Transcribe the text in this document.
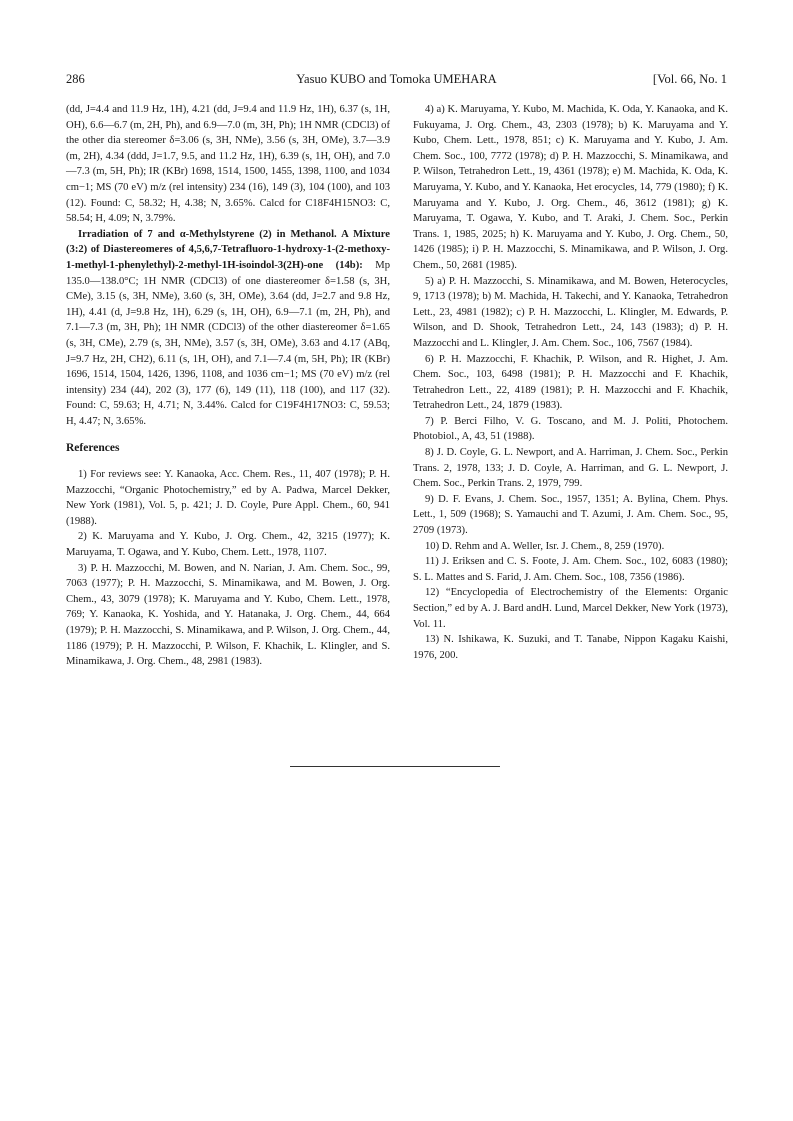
286	Yasuo KUBO and Tomoka UMEHARA	[Vol. 66, No. 1

(dd, J=4.4 and 11.9 Hz, 1H), 4.21 (dd, J=9.4 and 11.9 Hz, 1H), 6.37 (s, 1H, OH), 6.6—6.7 (m, 2H, Ph), and 6.9—7.0 (m, 3H, Ph); 1H NMR (CDCl3) of the other dia stereomer δ=3.06 (s, 3H, NMe), 3.56 (s, 3H, OMe), 3.7—3.9 (m, 2H), 4.34 (ddd, J=1.7, 9.5, and 11.2 Hz, 1H), 6.39 (s, 1H, OH), and 7.0—7.3 (m, 5H, Ph); IR (KBr) 1698, 1514, 1500, 1455, 1398, 1100, and 1034 cm−1; MS (70 eV) m/z (rel intensity) 234 (16), 149 (3), 104 (100), and 103 (12). Found: C, 58.32; H, 4.38; N, 3.65%. Calcd for C18F4H15NO3: C, 58.54; H, 4.09; N, 3.79%.

Irradiation of 7 and α-Methylstyrene (2) in Methanol. A Mixture (3:2) of Diastereomeres of 4,5,6,7-Tetrafluoro-1-hydroxy-1-(2-methoxy-1-methyl-1-phenylethyl)-2-methyl-1H-isoindol-3(2H)-one (14b): Mp 135.0—138.0°C; 1H NMR (CDCl3) of one diastereomer δ=1.58 (s, 3H, CMe), 3.15 (s, 3H, NMe), 3.60 (s, 3H, OMe), 3.64 (dd, J=2.7 and 9.8 Hz, 1H), 4.41 (d, J=9.8 Hz, 1H), 6.29 (s, 1H, OH), 6.9—7.1 (m, 2H, Ph), and 7.1—7.3 (m, 3H, Ph); 1H NMR (CDCl3) of the other diastereomer δ=1.65 (s, 3H, CMe), 2.79 (s, 3H, NMe), 3.57 (s, 3H, OMe), 3.63 and 4.17 (ABq, J=9.7 Hz, 2H, CH2), 6.11 (s, 1H, OH), and 7.1—7.4 (m, 5H, Ph); IR (KBr) 1696, 1514, 1504, 1426, 1396, 1108, and 1036 cm−1; MS (70 eV) m/z (rel intensity) 234 (44), 202 (3), 177 (6), 149 (11), 118 (100), and 117 (32). Found: C, 59.63; H, 4.71; N, 3.44%. Calcd for C19F4H17NO3: C, 59.53; H, 4.47; N, 3.65%.

References

1) For reviews see: Y. Kanaoka, Acc. Chem. Res., 11, 407 (1978); P. H. Mazzocchi, “Organic Photochemistry,” ed by A. Padwa, Marcel Dekker, New York (1981), Vol. 5, p. 421; J. D. Coyle, Pure Appl. Chem., 60, 941 (1988).

2) K. Maruyama and Y. Kubo, J. Org. Chem., 42, 3215 (1977); K. Maruyama, T. Ogawa, and Y. Kubo, Chem. Lett., 1978, 1107.

3) P. H. Mazzocchi, M. Bowen, and N. Narian, J. Am. Chem. Soc., 99, 7063 (1977); P. H. Mazzocchi, S. Minamikawa, and M. Bowen, J. Org. Chem., 43, 3079 (1978); K. Maruyama and Y. Kubo, Chem. Lett., 1978, 769; Y. Kanaoka, K. Yoshida, and Y. Hatanaka, J. Org. Chem., 44, 664 (1979); P. H. Mazzocchi, S. Minamikawa, and P. Wilson, J. Org. Chem., 44, 1186 (1979); P. H. Mazzocchi, P. Wilson, F. Khachik, L. Klingler, and S. Minamikawa, J. Org. Chem., 48, 2981 (1983).

4) a) K. Maruyama, Y. Kubo, M. Machida, K. Oda, Y. Kanaoka, and K. Fukuyama, J. Org. Chem., 43, 2303 (1978); b) K. Maruyama and Y. Kubo, Chem. Lett., 1978, 851; c) K. Maruyama and Y. Kubo, J. Am. Chem. Soc., 100, 7772 (1978); d) P. H. Mazzocchi, S. Minamikawa, and P. Wilson, Tetrahedron Lett., 19, 4361 (1978); e) M. Machida, K. Oda, K. Maruyama, Y. Kubo, and Y. Kanaoka, Het erocycles, 14, 779 (1980); f) K. Maruyama and Y. Kubo, J. Org. Chem., 46, 3612 (1981); g) K. Maruyama, T. Ogawa, Y. Kubo, and T. Araki, J. Chem. Soc., Perkin Trans. 1, 1985, 2025; h) K. Maruyama and Y. Kubo, J. Org. Chem., 50, 1426 (1985); i) P. H. Mazzocchi, S. Minamikawa, and P. Wilson, J. Org. Chem., 50, 2681 (1985).

5) a) P. H. Mazzocchi, S. Minamikawa, and M. Bowen, Heterocycles, 9, 1713 (1978); b) M. Machida, H. Takechi, and Y. Kanaoka, Tetrahedron Lett., 23, 4981 (1982); c) P. H. Mazzocchi, L. Klingler, M. Edwards, P. Wilson, and D. Shook, Tetrahedron Lett., 24, 143 (1983); d) P. H. Mazzocchi and L. Klingler, J. Am. Chem. Soc., 106, 7567 (1984).

6) P. H. Mazzocchi, F. Khachik, P. Wilson, and R. Highet, J. Am. Chem. Soc., 103, 6498 (1981); P. H. Mazzocchi and F. Khachik, Tetrahedron Lett., 22, 4189 (1981); P. H. Mazzocchi and F. Khachik, Tetrahedron Lett., 24, 1879 (1983).

7) P. Berci Filho, V. G. Toscano, and M. J. Politi, Photochem. Photobiol., A, 43, 51 (1988).

8) J. D. Coyle, G. L. Newport, and A. Harriman, J. Chem. Soc., Perkin Trans. 2, 1978, 133; J. D. Coyle, A. Harriman, and G. L. Newport, J. Chem. Soc., Perkin Trans. 2, 1979, 799.

9) D. F. Evans, J. Chem. Soc., 1957, 1351; A. Bylina, Chem. Phys. Lett., 1, 509 (1968); S. Yamauchi and T. Azumi, J. Am. Chem. Soc., 95, 2709 (1973).

10) D. Rehm and A. Weller, Isr. J. Chem., 8, 259 (1970).

11) J. Eriksen and C. S. Foote, J. Am. Chem. Soc., 102, 6083 (1980); S. L. Mattes and S. Farid, J. Am. Chem. Soc., 108, 7356 (1986).

12) “Encyclopedia of Electrochemistry of the Elements: Organic Section,” ed by A. J. Bard andH. Lund, Marcel Dekker, New York (1973), Vol. 11.

13) N. Ishikawa, K. Suzuki, and T. Tanabe, Nippon Kagaku Kaishi, 1976, 200.
